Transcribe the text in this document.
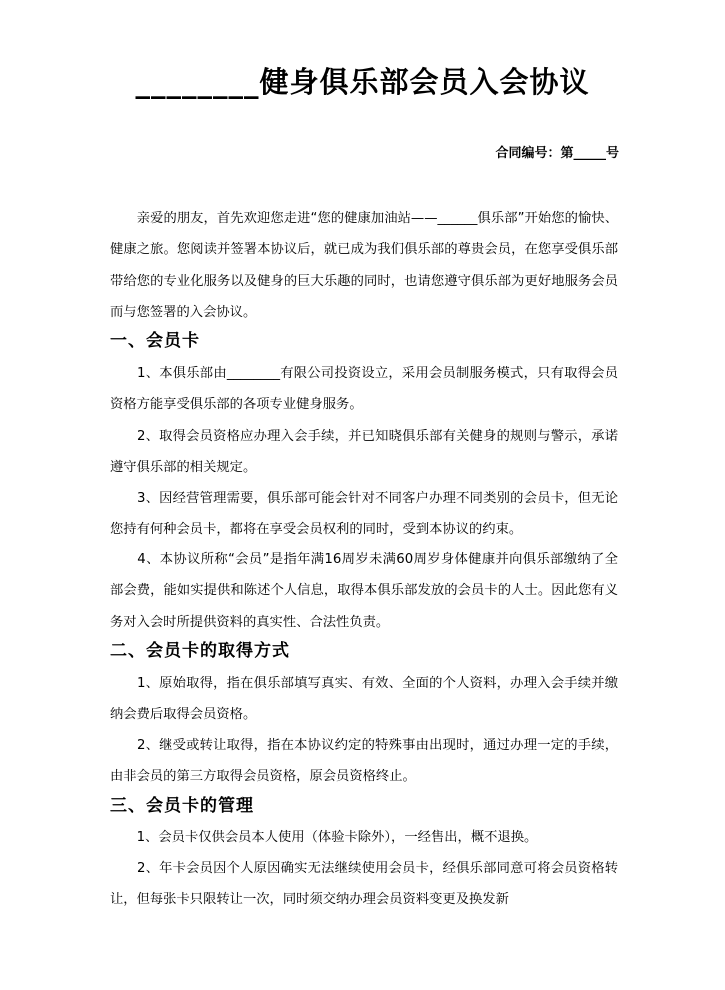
________健身俱乐部会员入会协议
合同编号：第_____号

　　亲爱的朋友，首先欢迎您走进“您的健康加油站——______俱乐部”开始您的愉快、健康之旅。您阅读并签署本协议后，就已成为我们俱乐部的尊贵会员，在您享受俱乐部带给您的专业化服务以及健身的巨大乐趣的同时，也请您遵守俱乐部为更好地服务会员而与您签署的入会协议。

一、会员卡

　　1、本俱乐部由________有限公司投资设立，采用会员制服务模式，只有取得会员资格方能享受俱乐部的各项专业健身服务。

　　2、取得会员资格应办理入会手续，并已知晓俱乐部有关健身的规则与警示，承诺遵守俱乐部的相关规定。

　　3、因经营管理需要，俱乐部可能会针对不同客户办理不同类别的会员卡，但无论您持有何种会员卡，都将在享受会员权利的同时，受到本协议的约束。

　　4、本协议所称“会员”是指年满16周岁未满60周岁身体健康并向俱乐部缴纳了全部会费，能如实提供和陈述个人信息，取得本俱乐部发放的会员卡的人士。因此您有义务对入会时所提供资料的真实性、合法性负责。

二、会员卡的取得方式

　　1、原始取得，指在俱乐部填写真实、有效、全面的个人资料，办理入会手续并缴纳会费后取得会员资格。

　　2、继受或转让取得，指在本协议约定的特殊事由出现时，通过办理一定的手续，由非会员的第三方取得会员资格，原会员资格终止。

三、会员卡的管理

　　1、会员卡仅供会员本人使用（体验卡除外），一经售出，概不退换。

　　2、年卡会员因个人原因确实无法继续使用会员卡，经俱乐部同意可将会员资格转让，但每张卡只限转让一次，同时须交纳办理会员资料变更及换发新
